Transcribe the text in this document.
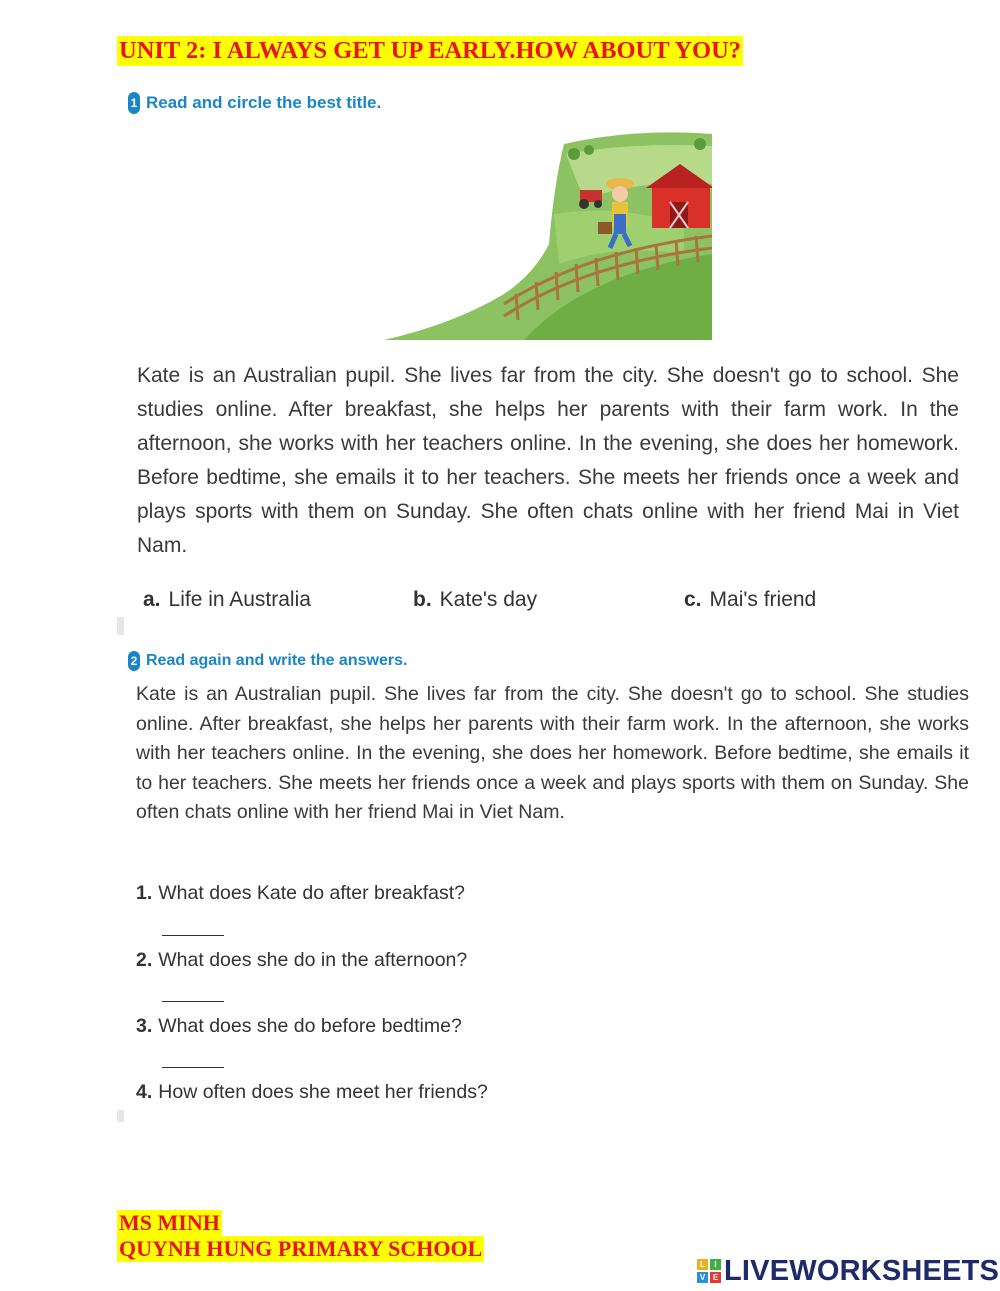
UNIT 2: I ALWAYS GET UP EARLY.HOW ABOUT YOU?
1 Read and circle the best title.

Kate is an Australian pupil. She lives far from the city. She doesn't go to school. She studies online. After breakfast, she helps her parents with their farm work. In the afternoon, she works with her teachers online. In the evening, she does her homework. Before bedtime, she emails it to her teachers. She meets her friends once a week and plays sports with them on Sunday. She often chats online with her friend Mai in Viet Nam.

a. Life in Australia	b. Kate's day	c. Mai's friend
2 Read again and write the answers.

Kate is an Australian pupil. She lives far from the city. She doesn't go to school. She studies online. After breakfast, she helps her parents with their farm work. In the afternoon, she works with her teachers online. In the evening, she does her homework. Before bedtime, she emails it to her teachers. She meets her friends once a week and plays sports with them on Sunday. She often chats online with her friend Mai in Viet Nam.

1. What does Kate do after breakfast?
2. What does she do in the afternoon?
3. What does she do before bedtime?
4. How often does she meet her friends?
MS MINH
QUYNH HUNG PRIMARY SCHOOL
L	I
V E LIVEWORKSHEETS
